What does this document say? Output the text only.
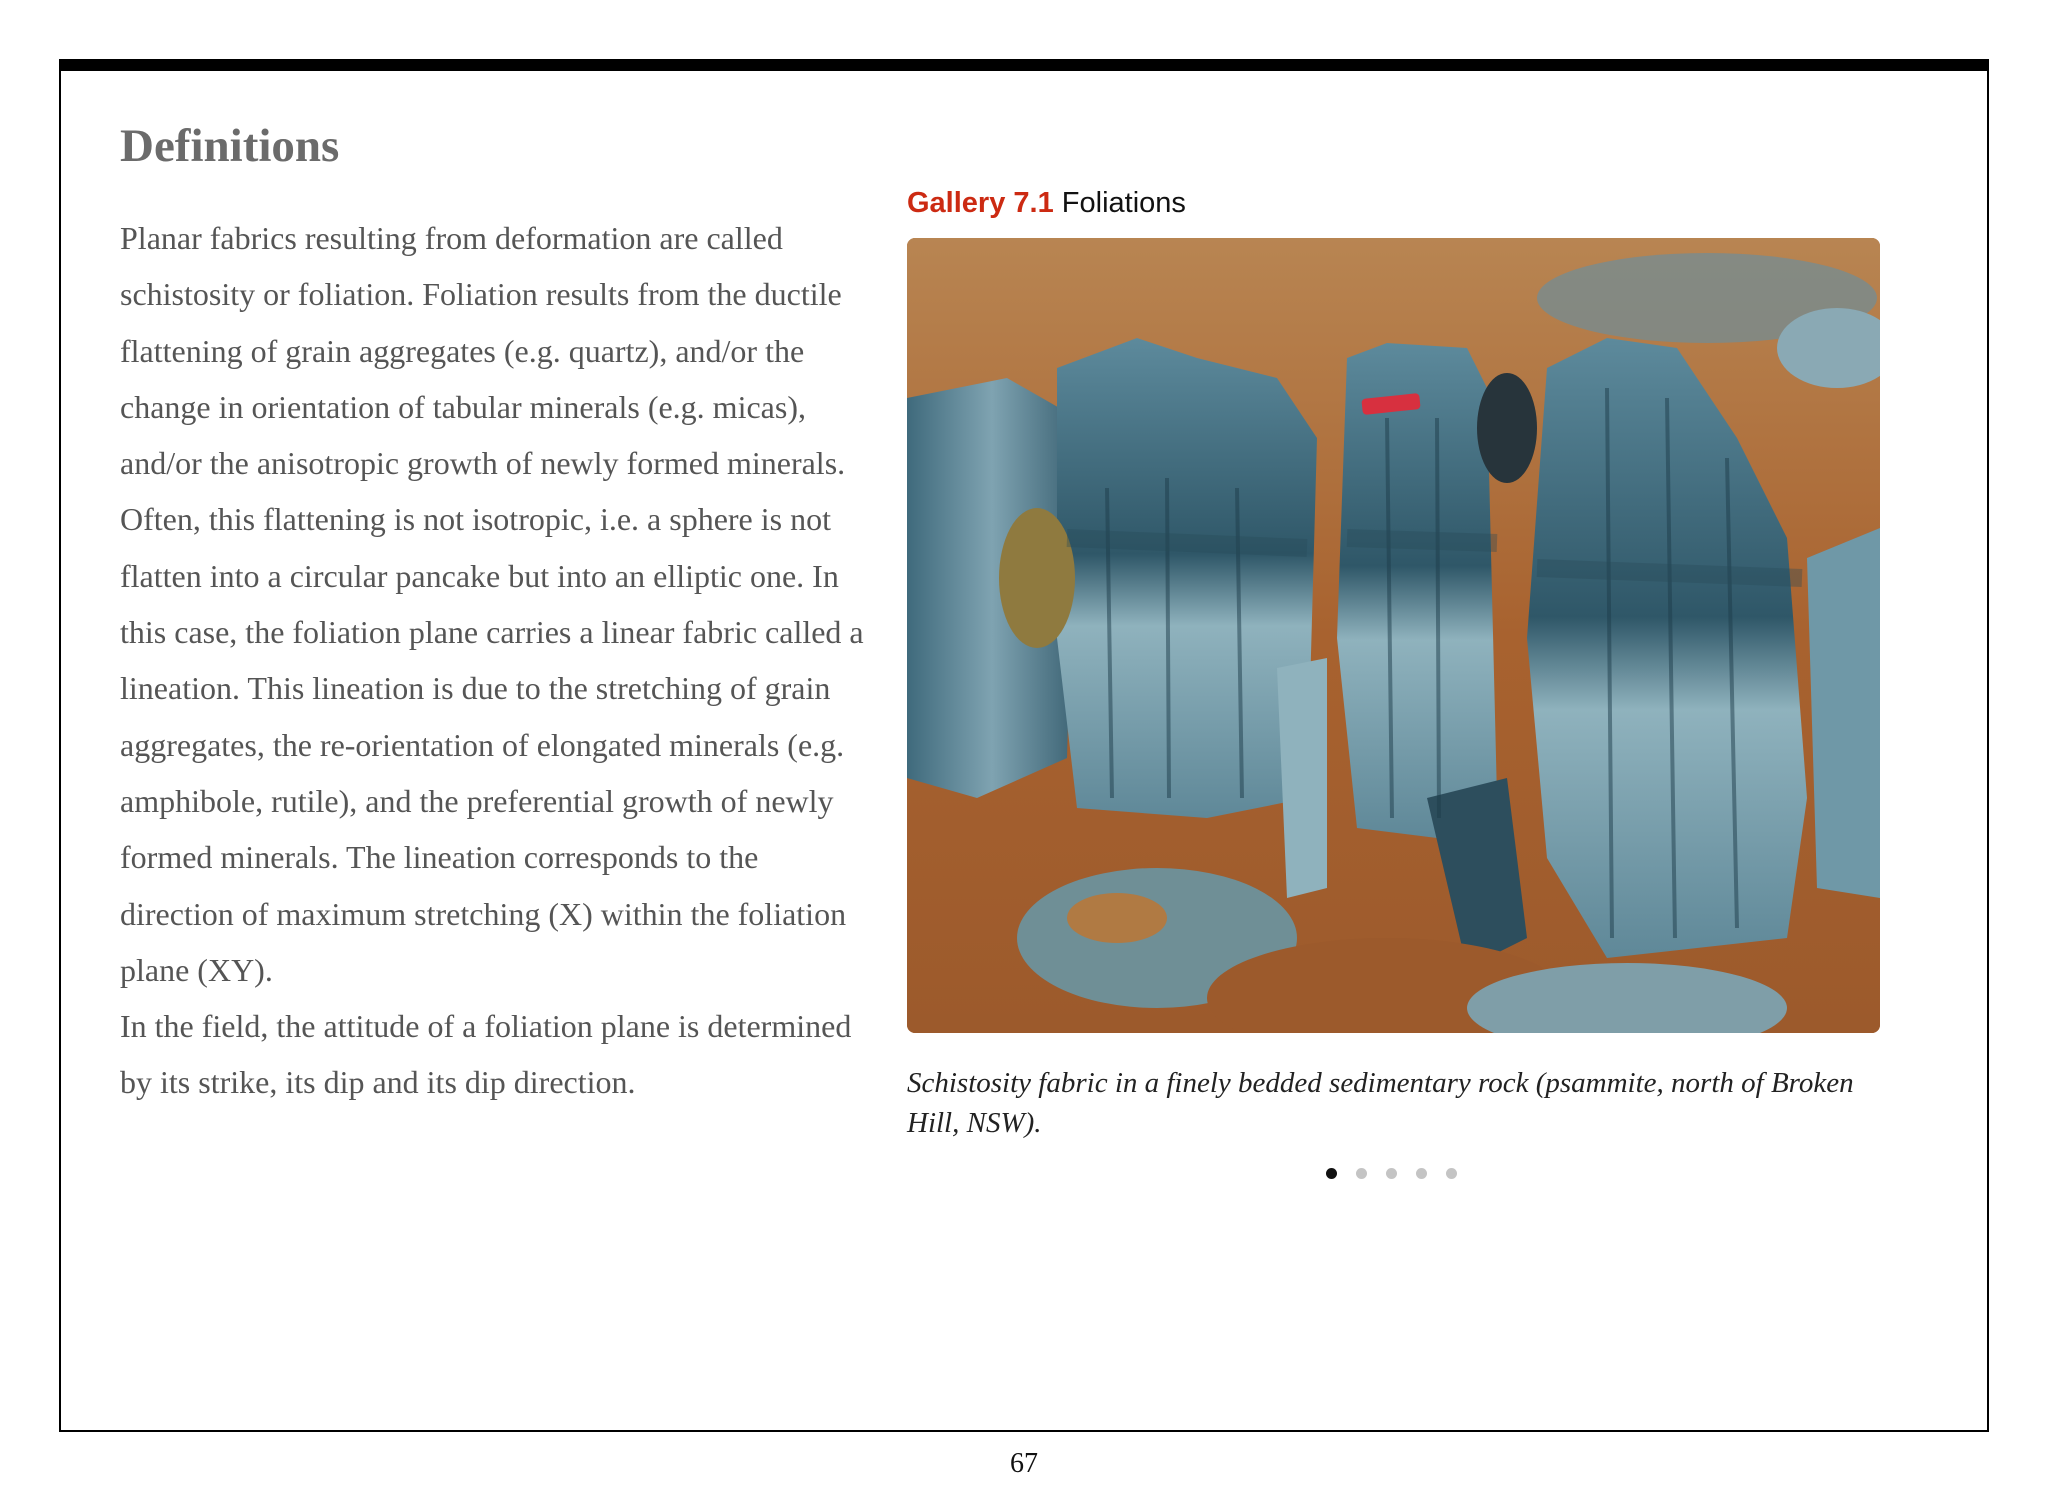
Definitions

Planar fabrics resulting from deformation are called schistosity or foliation. Foliation results from the ductile flattening of grain aggregates (e.g. quartz), and/or the change in orientation of tabular minerals (e.g. micas), and/or the anisotropic growth of newly formed minerals. Often, this flattening is not isotropic, i.e. a sphere is not flatten into a circular pancake but into an elliptic one. In this case, the foliation plane carries a linear fabric called a lineation. This lineation is due to the stretching of grain aggregates, the re-orientation of elongated minerals (e.g. amphibole, rutile), and the preferential growth of newly formed minerals. The lineation corresponds to the direction of maximum stretching (X) within the foliation plane (XY).

In the field, the attitude of a foliation plane is determined by its strike, its dip and its dip direction.

Gallery 7.1 Foliations
Schistosity fabric in a finely bedded sedimentary rock (psammite, north of Broken Hill, NSW).
67
